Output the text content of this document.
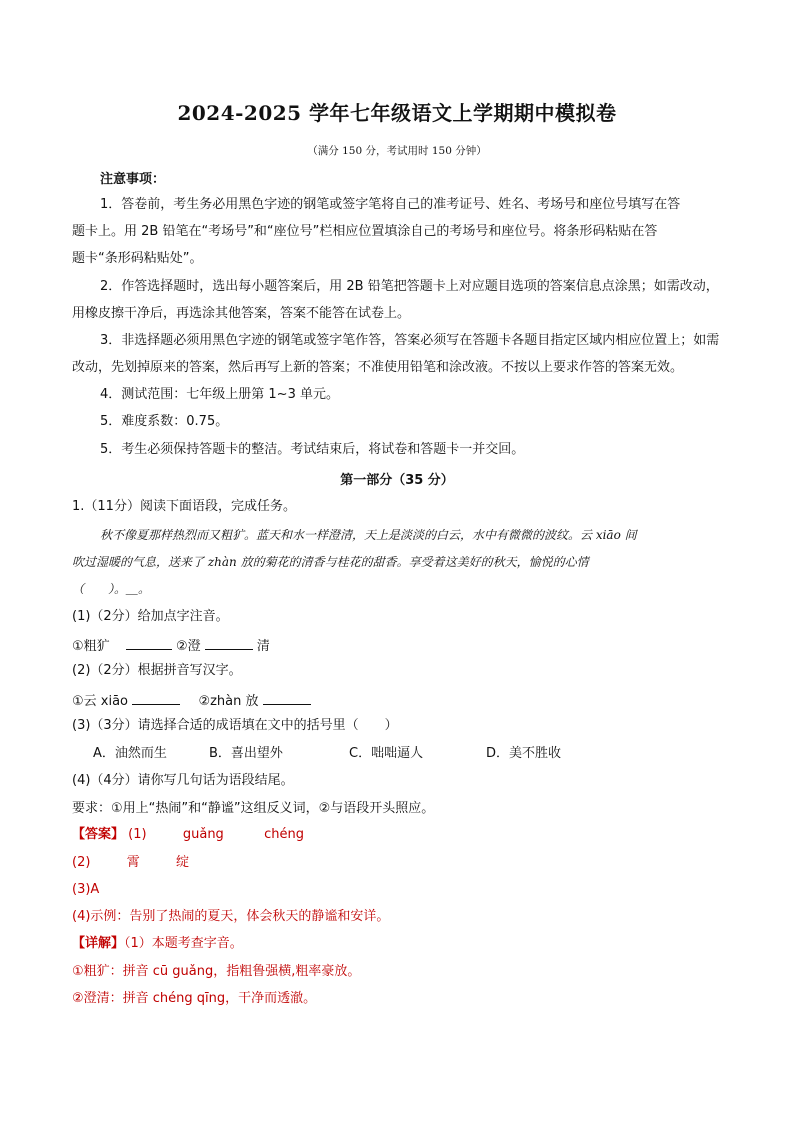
2024-2025 学年七年级语文上学期期中模拟卷
（满分 150 分，考试用时 150 分钟）
注意事项：
1．答卷前，考生务必用黑色字迹的钢笔或签字笔将自己的准考证号、姓名、考场号和座位号填写在答
题卡上。用 2B 铅笔在“考场号”和“座位号”栏相应位置填涂自己的考场号和座位号。将条形码粘贴在答
题卡“条形码粘贴处”。
2．作答选择题时，选出每小题答案后，用 2B 铅笔把答题卡上对应题目选项的答案信息点涂黑；如需改动，
用橡皮擦干净后，再选涂其他答案，答案不能答在试卷上。
3．非选择题必须用黑色字迹的钢笔或签字笔作答，答案必须写在答题卡各题目指定区域内相应位置上；如需
改动，先划掉原来的答案，然后再写上新的答案；不准使用铅笔和涂改液。不按以上要求作答的答案无效。
4．测试范围：七年级上册第 1~3 单元。
5．难度系数：0.75。
5．考生必须保持答题卡的整洁。考试结束后，将试卷和答题卡一并交回。
第一部分（35 分）
1.（11分）阅读下面语段，完成任务。
秋不像夏那样热烈而又粗犷。蓝天和水一样澄清，天上是淡淡的白云，水中有微微的波纹。云 xiāo 间
吹过湿暖的气息，送来了 zhàn 放的菊花的清香与桂花的甜香。享受着这美好的秋天，愉悦的心情
（　　）。＿。
(1)（2分）给加点字注音。
①粗犷	②澄	清
(2)（2分）根据拼音写汉字。
①云 xiāo	②zhàn 放
(3)（3分）请选择合适的成语填在文中的括号里（　　）
A．油然而生	B．喜出望外	C．咄咄逼人	D．美不胜收
(4)（4分）请你写几句话为语段结尾。
要求：①用上“热闹”和“静谧”这组反义词，②与语段开头照应。
【答案】 (1)	guǎng	chéng
(2)	霄	绽
(3)A
(4)示例：告别了热闹的夏天，体会秋天的静谧和安详。
【详解】（1）本题考查字音。
①粗犷：拼音 cū guǎng，指粗鲁强横,粗率豪放。
②澄清：拼音 chéng qīng，干净而透澈。
